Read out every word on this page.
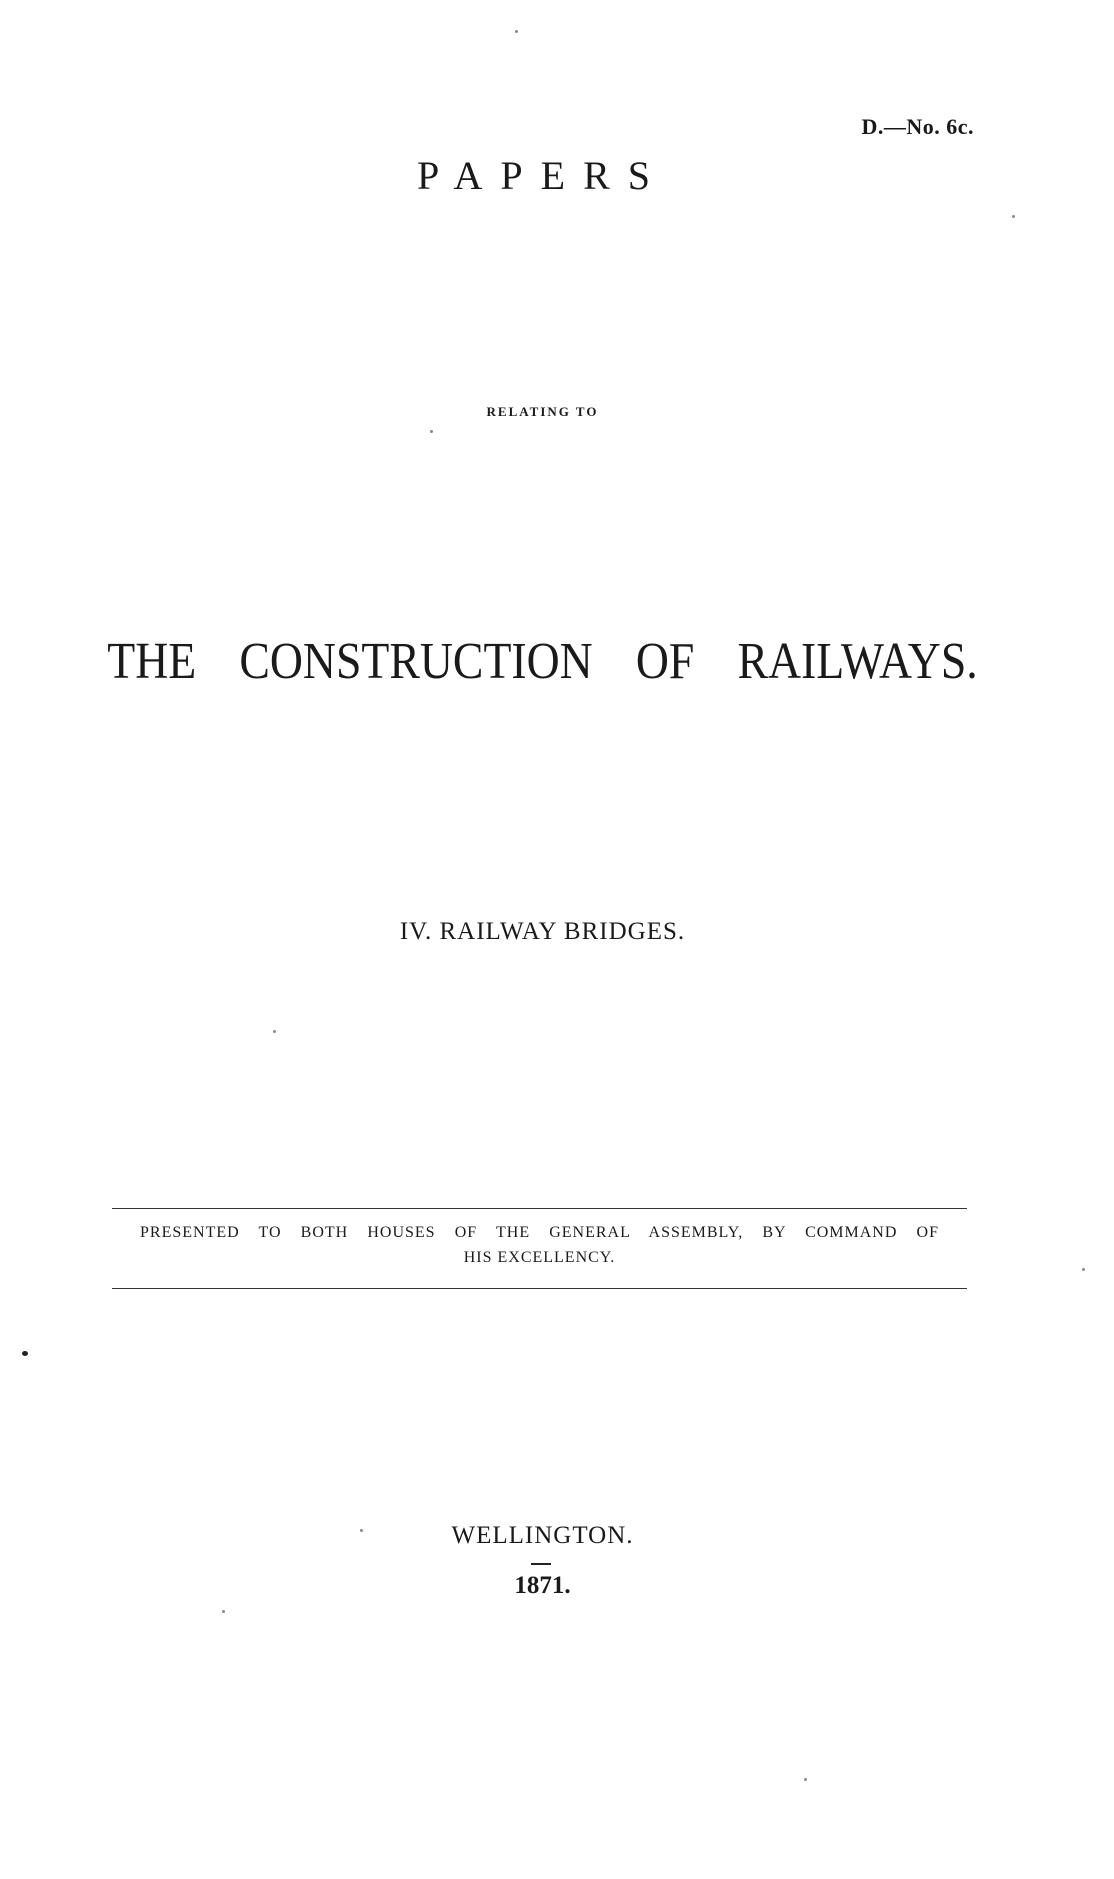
D.—No. 6c.
PAPERS
RELATING TO
THE CONSTRUCTION OF RAILWAYS.
IV. RAILWAY BRIDGES.
PRESENTED TO BOTH HOUSES OF THE GENERAL ASSEMBLY, BY COMMAND OF
HIS EXCELLENCY.
WELLINGTON.
1871.
